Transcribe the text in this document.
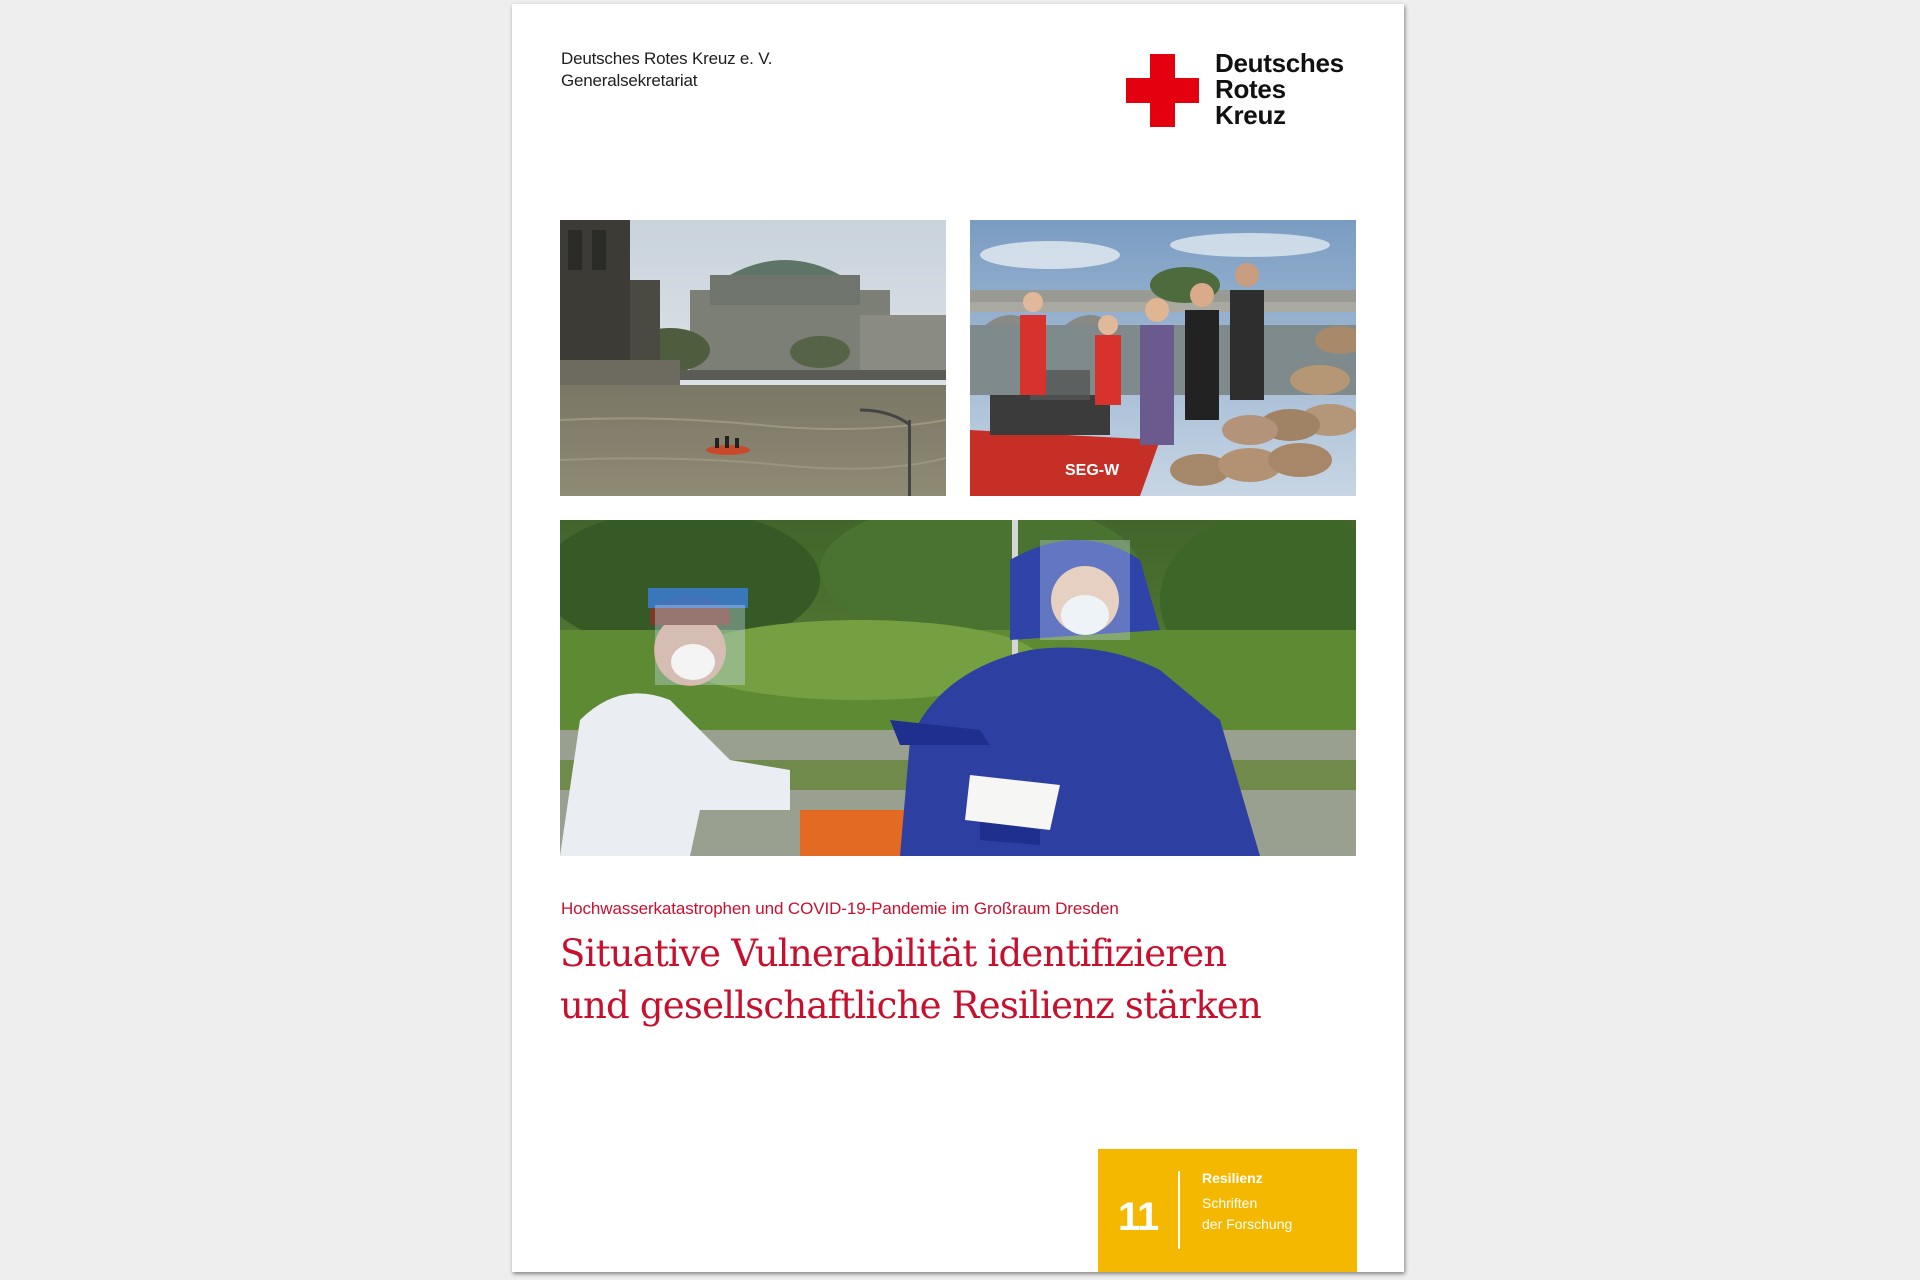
Deutsches Rotes Kreuz e. V.
Generalsekretariat
Deutsches
Rotes
Kreuz
SEG-W
Hochwasserkatastrophen und COVID-19-Pandemie im Großraum Dresden
Situative Vulnerabilität identifizieren
und gesellschaftliche Resilienz stärken
11
Resilienz
Schriften
der Forschung
